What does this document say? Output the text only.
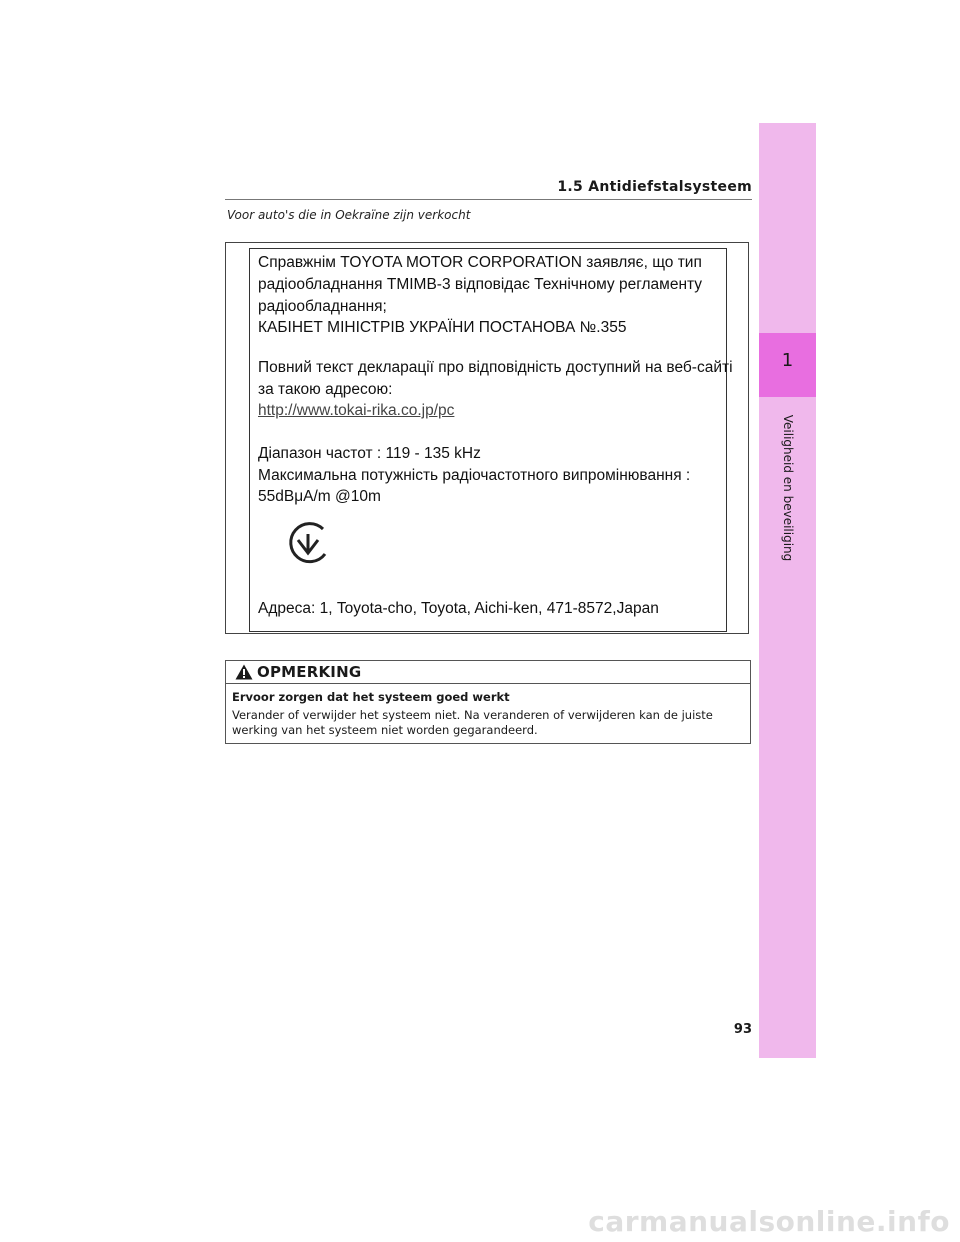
1
Veiligheid en beveiliging
1.5 Antidiefstalsysteem
Voor auto's die in Oekraïne zijn verkocht
Справжнім TOYOTA MOTOR CORPORATION заявляє, що тип
радіообладнання TMIMB-3 відповідає Технічному регламенту
радіообладнання;
КАБІНЕТ МІНІСТРІВ УКРАЇНИ ПОСТАНОВА №.355
Повний текст декларації про відповідність доступний на веб-сайті
за такою адресою:
http://www.tokai-rika.co.jp/pc
Діапазон частот : 119 - 135 kHz
Максимальна потужність радіочастотного випромінювання :
55dBμA/m @10m
Адреса: 1, Toyota-cho, Toyota, Aichi-ken, 471-8572,Japan
OPMERKING
Ervoor zorgen dat het systeem goed werkt
Verander of verwijder het systeem niet. Na veranderen of verwijderen kan de juiste werking van het systeem niet worden gegarandeerd.
93
carmanualsonline.info
